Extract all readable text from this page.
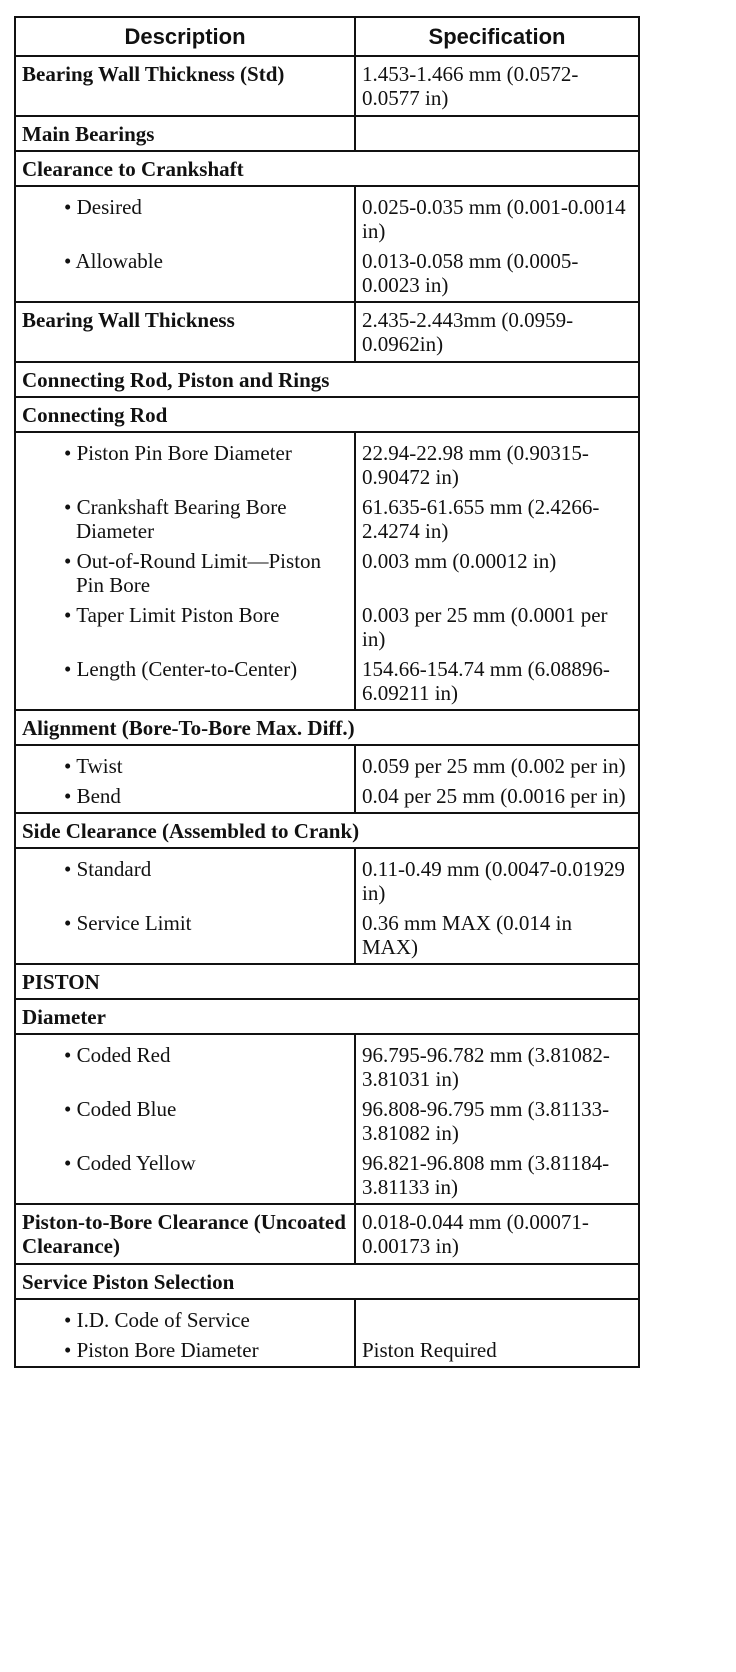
Description	Specification
Bearing Wall Thickness (Std)	1.453-1.466 mm (0.0572-0.0577 in)
Main Bearings	
Clearance to Crankshaft	

• Desired	0.025-0.035 mm (0.001-0.0014 in)

• Allowable	0.013-0.058 mm (0.0005-0.0023 in)
Bearing Wall Thickness	2.435-2.443mm (0.0959-0.0962in)
Connecting Rod, Piston and Rings	
Connecting Rod	

• Piston Pin Bore Diameter	22.94-22.98 mm (0.90315-0.90472 in)

• Crankshaft Bearing Bore Diameter	61.635-61.655 mm (2.4266-2.4274 in)

• Out-of-Round Limit—Piston Pin Bore	0.003 mm (0.00012 in)

• Taper Limit Piston Bore	0.003 per 25 mm (0.0001 per in)

• Length (Center-to-Center)	154.66-154.74 mm (6.08896-6.09211 in)
Alignment (Bore-To-Bore Max. Diff.)	

• Twist	0.059 per 25 mm (0.002 per in)

• Bend	0.04 per 25 mm (0.0016 per in)
Side Clearance (Assembled to Crank)	

• Standard	0.11-0.49 mm (0.0047-0.01929 in)

• Service Limit	0.36 mm MAX (0.014 in MAX)
PISTON	
Diameter	

• Coded Red	96.795-96.782 mm (3.81082-3.81031 in)

• Coded Blue	96.808-96.795 mm (3.81133-3.81082 in)

• Coded Yellow	96.821-96.808 mm (3.81184-3.81133 in)
Piston-to-Bore Clearance (Uncoated Clearance)	0.018-0.044 mm (0.00071-0.00173 in)
Service Piston Selection	

• I.D. Code of Service	

• Piston Bore Diameter	Piston Required
